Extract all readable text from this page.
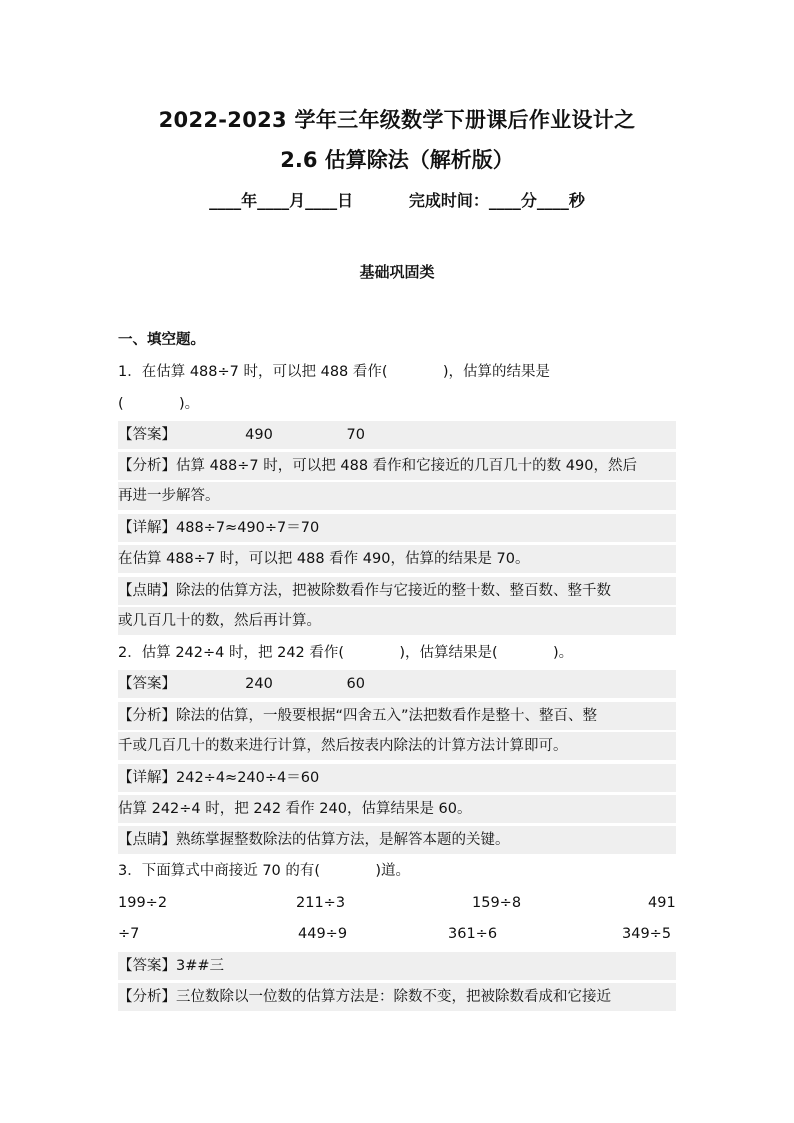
2022-2023 学年三年级数学下册课后作业设计之
2.6 估算除法（解析版）
____年____月____日          完成时间：____分____秒
基础巩固类
一、填空题。
1．在估算 488÷7 时，可以把 488 看作(            )，估算的结果是
(            )。
【答案】               490                70
【分析】估算 488÷7 时，可以把 488 看作和它接近的几百几十的数 490，然后
再进一步解答。
【详解】488÷7≈490÷7＝70
在估算 488÷7 时，可以把 488 看作 490，估算的结果是 70。
【点睛】除法的估算方法，把被除数看作与它接近的整十数、整百数、整千数
或几百几十的数，然后再计算。
2．估算 242÷4 时，把 242 看作(            )，估算结果是(            )。
【答案】               240                60
【分析】除法的估算，一般要根据“四舍五入”法把数看作是整十、整百、整
千或几百几十的数来进行计算，然后按表内除法的计算方法计算即可。
【详解】242÷4≈240÷4＝60
估算 242÷4 时，把 242 看作 240，估算结果是 60。
【点睛】熟练掌握整数除法的估算方法，是解答本题的关键。
3．下面算式中商接近 70 的有(            )道。
199÷2	211÷3	159÷8	491
÷7	449÷9	361÷6	349÷5
【答案】3##三
【分析】三位数除以一位数的估算方法是：除数不变，把被除数看成和它接近
